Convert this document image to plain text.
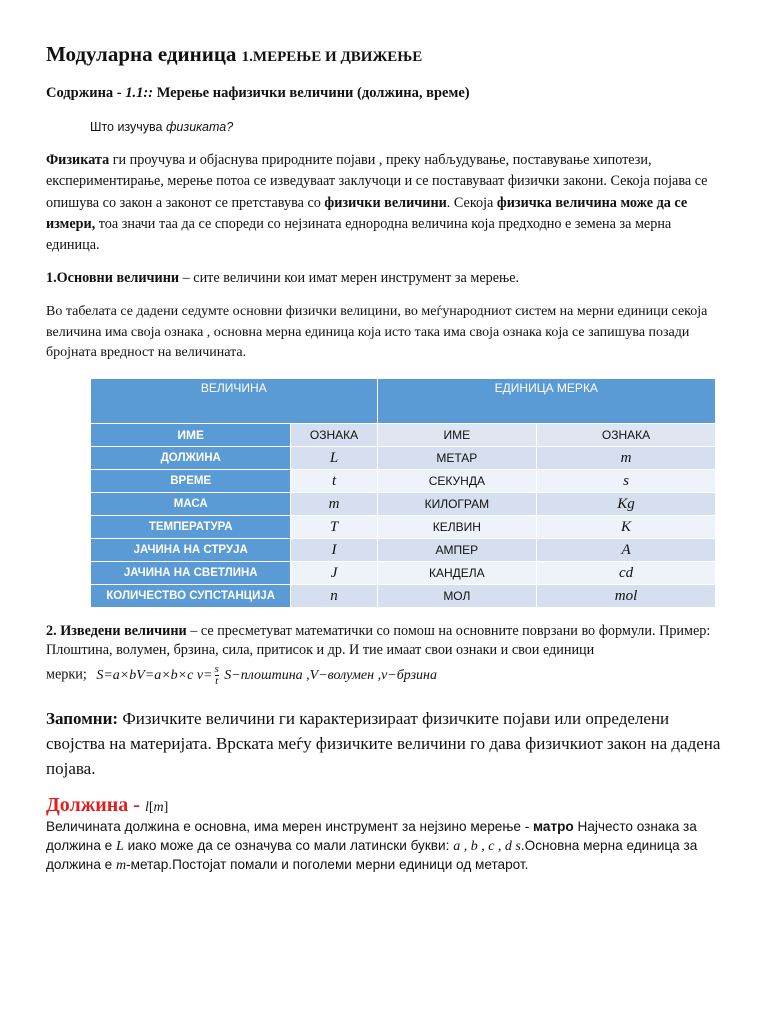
Модуларна единица 1.МЕРЕЊЕ И ДВИЖЕЊЕ
Содржина - 1.1:: Мерење нафизички величини (должина, време)
Што изучува физиката?
Физиката ги проучува и објаснува природните појави , преку набљудување, поставување хипотези, експериментирање, мерење потоа се изведуваат заклучоци и се поставуваат физички закони. Секоја појава се опишува со закон а законот се претставува со физички величини. Секоја физичка величина може да се измери, тоа значи таа да се спореди со нејзината еднородна величина која предходно е земена за мерна единица.
1.Основни величини – сите величини кои имат мерен инструмент за мерење.
Во табелата се дадени седумте основни физички велицини, во меѓународниот систем на мерни единици секоја величина има своја ознака , основна мерна единица која исто така има своја ознака која се запишува позади бројната вредност на величината.
ВЕЛИЧИНА		ЕДИНИЦА МЕРКА	
ИМЕ	ОЗНАКА	ИМЕ	ОЗНАКА
ДОЛЖИНА	L	МЕТАР	m
ВРЕМЕ	t	СЕКУНДА	s
МАСА	m	КИЛОГРАМ	Kg
ТЕМПЕРАТУРА	T	КЕЛВИН	K
ЈАЧИНА НА СТРУЈА	I	АМПЕР	A
ЈАЧИНА НА СВЕТЛИНА	J	КАНДЕЛА	cd
КОЛИЧЕСТВО СУПСТАНЦИЈА	n	МОЛ	mol
2. Изведени величини – се пресметуват математички со помош на основните поврзани во формули. Пример: Плоштина, волумен, брзина, сила, притисок и др. И тие имаат свои ознаки и свои единици
мерки; S=a×bV=a×b×c $v= \frac{s}{t}$ S−плоштина ,V−волумен ,v−брзина
Запомни: Физичките величини ги карактеризираат физичките појави или определени својства на материјата. Врската меѓу физичките величини го дава физичкиот закон на дадена појава.
Должина - l[m]
Величината должина е основна, има мерен инструмент за нејзино мерење - матро Најчесто ознака за должина е L иако може да се означува со мали латински букви: a , b , c , d s.Основна мерна единица за должина е m-метар.Постојат помали и поголеми мерни единици од метарот.
